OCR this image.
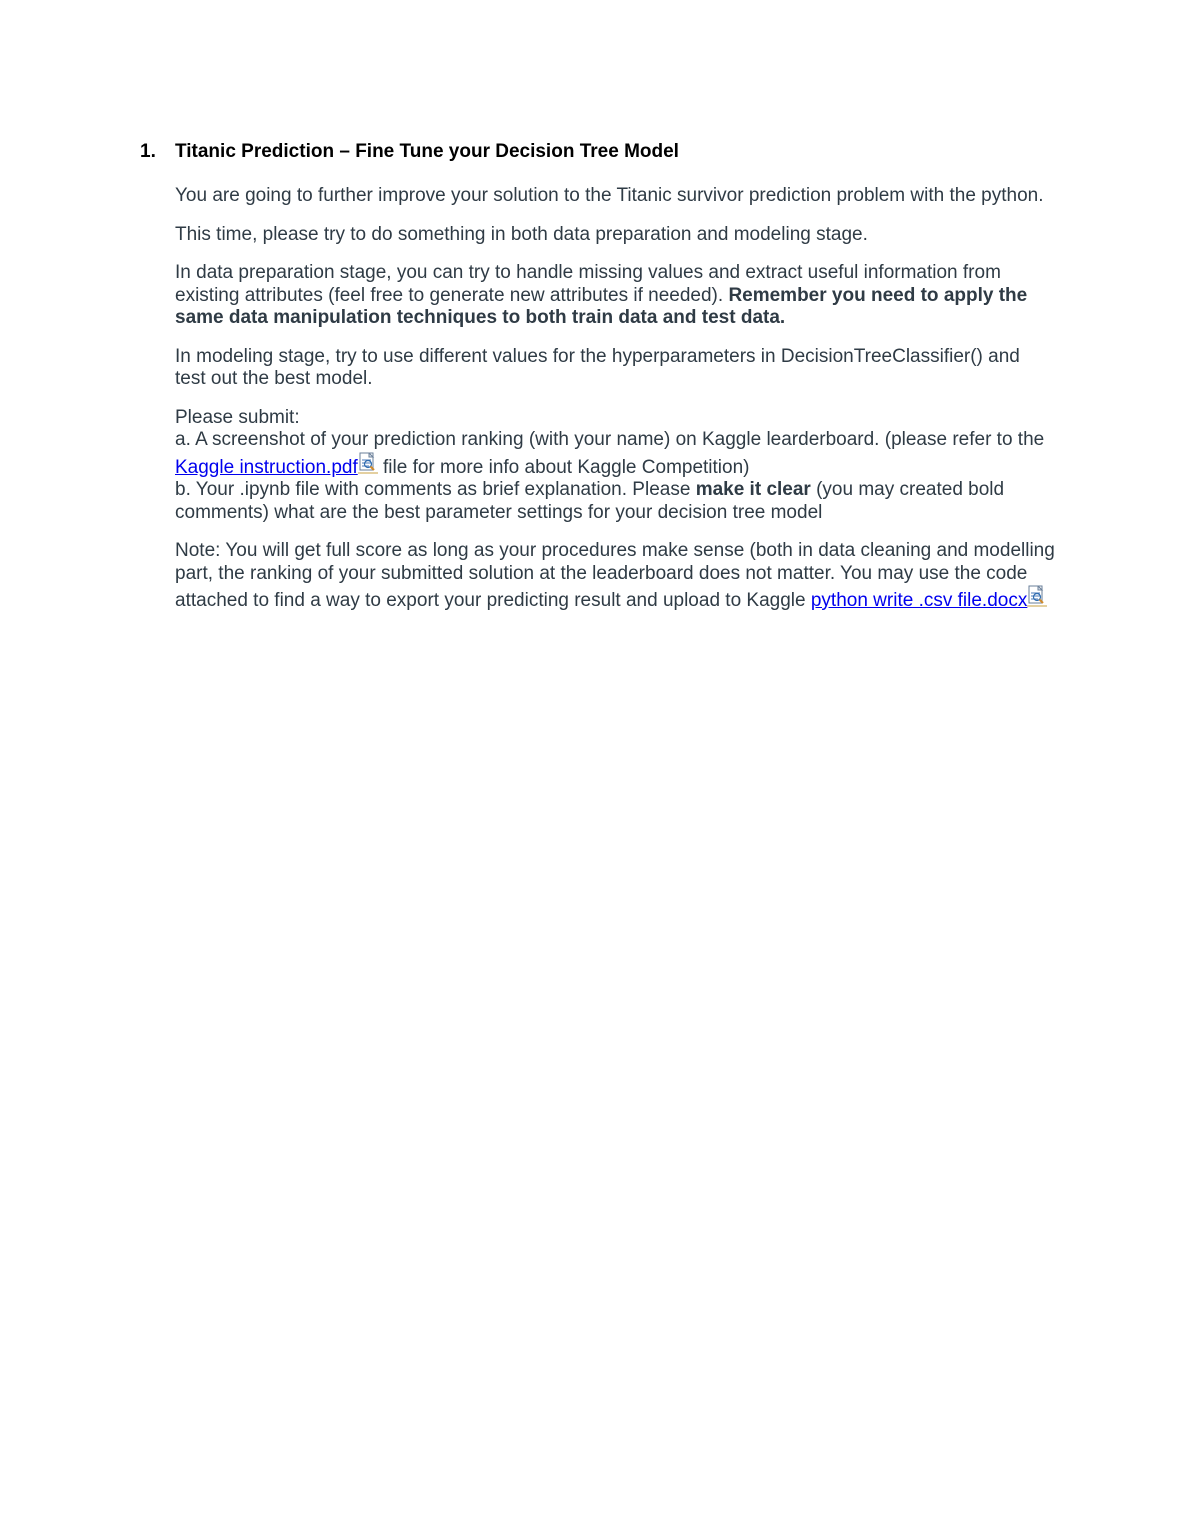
1. Titanic Prediction – Fine Tune your Decision Tree Model

You are going to further improve your solution to the Titanic survivor prediction problem with the python.

This time, please try to do something in both data preparation and modeling stage.

In data preparation stage, you can try to handle missing values and extract useful information from existing attributes (feel free to generate new attributes if needed). Remember you need to apply the same data manipulation techniques to both train data and test data.

In modeling stage, try to use different values for the hyperparameters in DecisionTreeClassifier() and test out the best model.

Please submit:
a. A screenshot of your prediction ranking (with your name) on Kaggle learderboard. (please refer to the Kaggle instruction.pdf file for more info about Kaggle Competition)
b. Your .ipynb file with comments as brief explanation. Please make it clear (you may created bold comments) what are the best parameter settings for your decision tree model

Note: You will get full score as long as your procedures make sense (both in data cleaning and modelling part, the ranking of your submitted solution at the leaderboard does not matter. You may use the code attached to find a way to export your predicting result and upload to Kaggle python write .csv file.docx
